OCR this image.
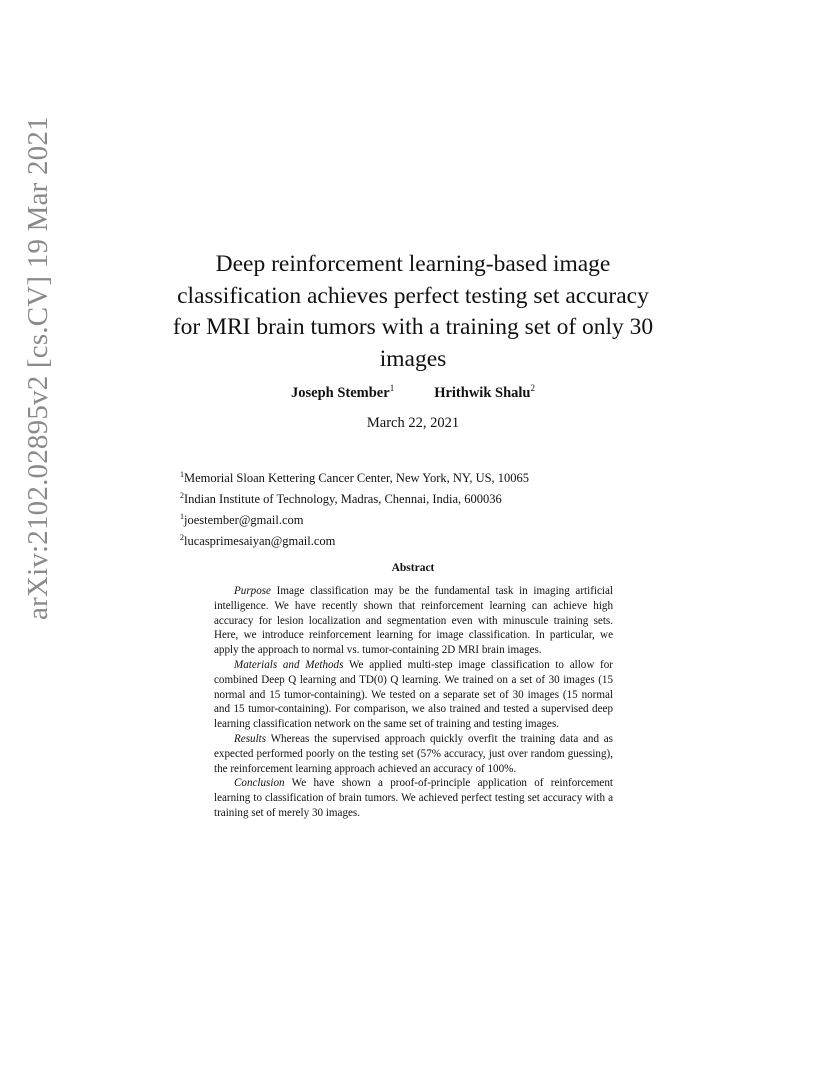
arXiv:2102.02895v2 [cs.CV] 19 Mar 2021	Deep reinforcement learning-based image classification achieves perfect testing set accuracy for MRI brain tumors with a training set of only 30 images
Joseph Stember$^1$	Hrithwik Shalu$^2$
March 22, 2021
$^1$Memorial Sloan Kettering Cancer Center, New York, NY, US, 10065
$^2$Indian Institute of Technology, Madras, Chennai, India, 600036
$^1$joestember@gmail.com
$^2$lucasprimesaiyan@gmail.com
Abstract

Purpose Image classification may be the fundamental task in imaging artificial intelligence. We have recently shown that reinforcement learning can achieve high accuracy for lesion localization and segmentation even with minuscule training sets. Here, we introduce reinforcement learning for image classification. In particular, we apply the approach to normal vs. tumor-containing 2D MRI brain images.

Materials and Methods We applied multi-step image classification to allow for combined Deep Q learning and TD(0) Q learning. We trained on a set of 30 images (15 normal and 15 tumor-containing). We tested on a separate set of 30 images (15 normal and 15 tumor-containing). For comparison, we also trained and tested a supervised deep learning classification network on the same set of training and testing images.

Results Whereas the supervised approach quickly overfit the training data and as expected performed poorly on the testing set (57% accuracy, just over random guessing), the reinforcement learning approach achieved an accuracy of 100%.

Conclusion We have shown a proof-of-principle application of reinforcement learning to classification of brain tumors. We achieved perfect testing set accuracy with a training set of merely 30 images.
